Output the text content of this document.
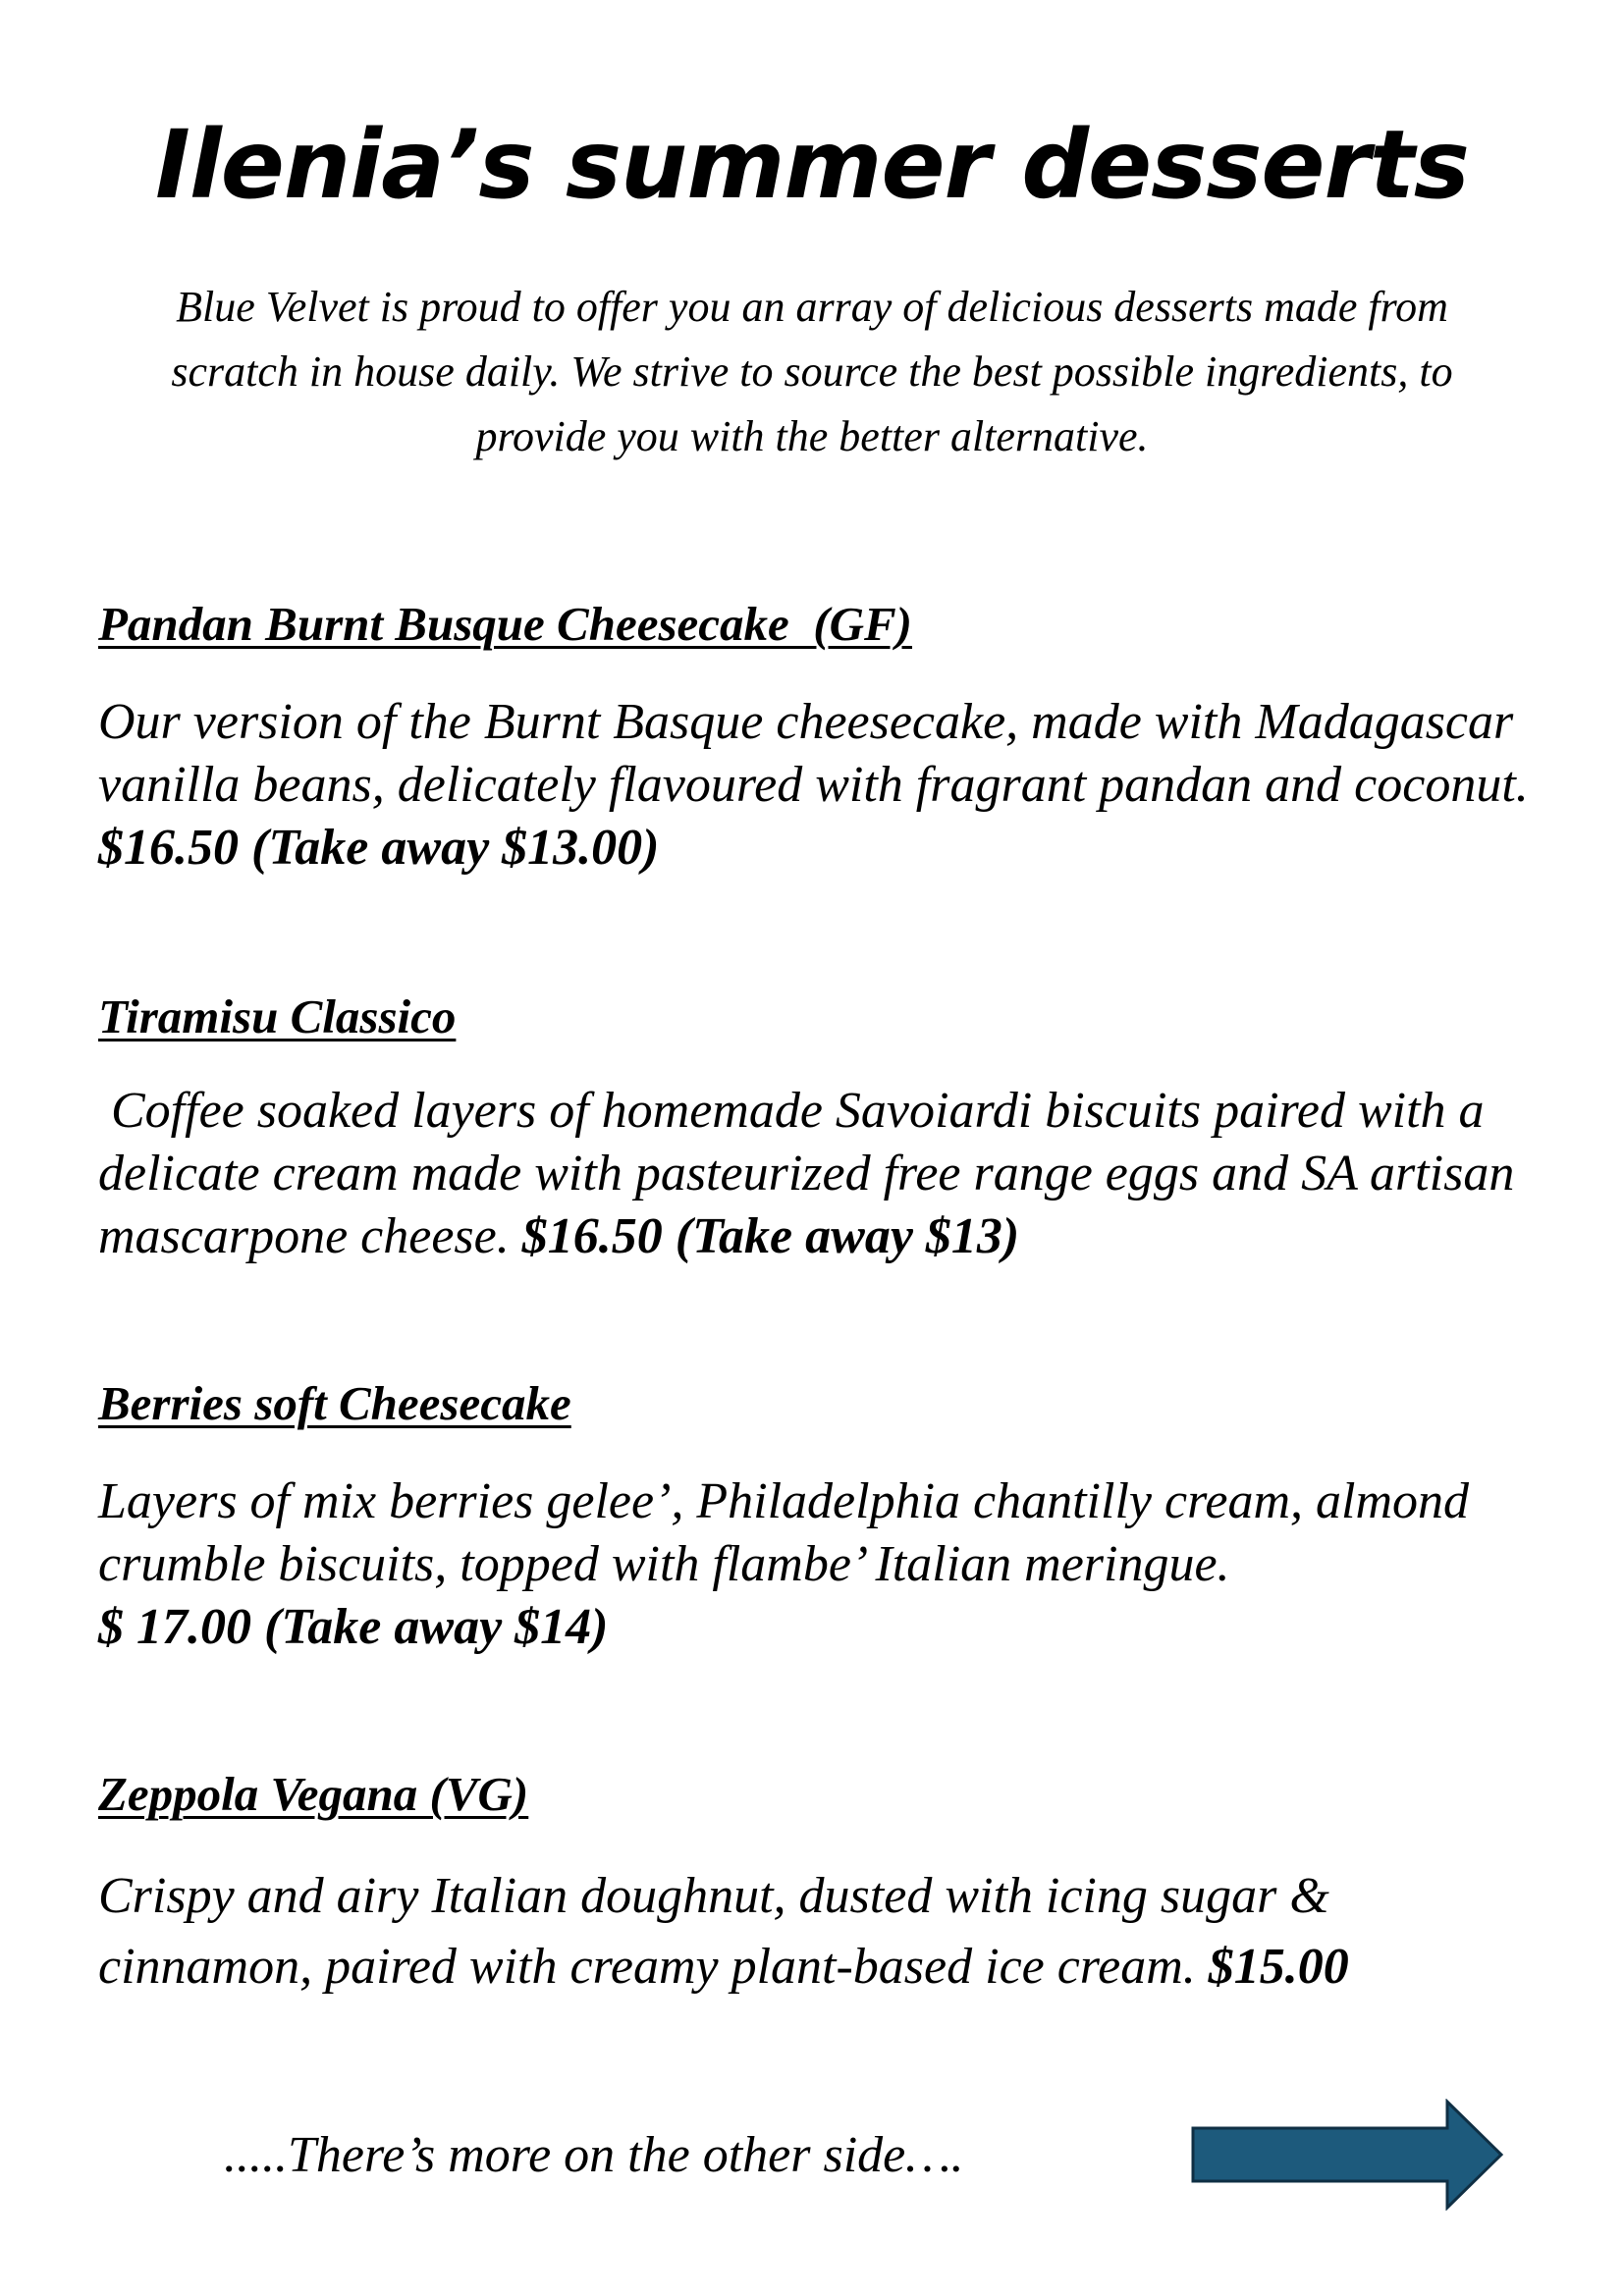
Ilenia’s summer desserts

Blue Velvet is proud to offer you an array of delicious desserts made from scratch in house daily. We strive to source the best possible ingredients, to provide you with the better alternative.

Pandan Burnt Busque Cheesecake  (GF)

Our version of the Burnt Basque cheesecake, made with Madagascar vanilla beans, delicately flavoured with fragrant pandan and coconut. $16.50 (Take away $13.00)

Tiramisu Classico

Coffee soaked layers of homemade Savoiardi biscuits paired with a delicate cream made with pasteurized free range eggs and SA artisan mascarpone cheese. $16.50 (Take away $13)

Berries soft Cheesecake

Layers of mix berries gelee’, Philadelphia chantilly cream, almond crumble biscuits, topped with flambe’ Italian meringue.
$ 17.00 (Take away $14)

Zeppola Vegana (VG)

Crispy and airy Italian doughnut, dusted with icing sugar & cinnamon, paired with creamy plant-based ice cream. $15.00

.....There’s more on the other side….
